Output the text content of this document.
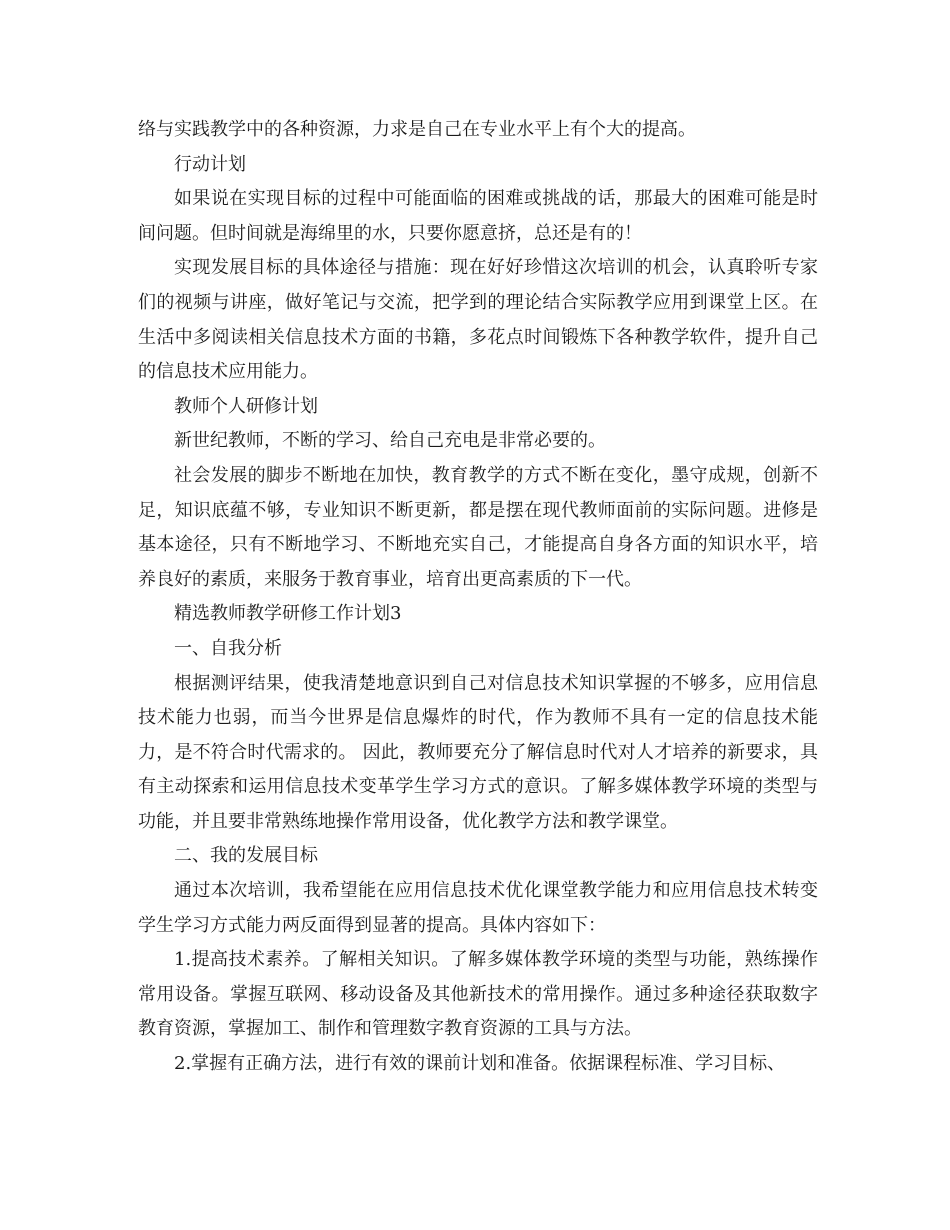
络与实践教学中的各种资源，力求是自己在专业水平上有个大的提高。

行动计划

如果说在实现目标的过程中可能面临的困难或挑战的话，那最大的困难可能是时间问题。但时间就是海绵里的水，只要你愿意挤，总还是有的！

实现发展目标的具体途径与措施：现在好好珍惜这次培训的机会，认真聆听专家们的视频与讲座，做好笔记与交流，把学到的理论结合实际教学应用到课堂上区。在生活中多阅读相关信息技术方面的书籍，多花点时间锻炼下各种教学软件，提升自己的信息技术应用能力。

教师个人研修计划

新世纪教师，不断的学习、给自己充电是非常必要的。

社会发展的脚步不断地在加快，教育教学的方式不断在变化，墨守成规，创新不足，知识底蕴不够，专业知识不断更新，都是摆在现代教师面前的实际问题。进修是基本途径，只有不断地学习、不断地充实自己，才能提高自身各方面的知识水平，培养良好的素质，来服务于教育事业，培育出更高素质的下一代。

精选教师教学研修工作计划3

一、自我分析

根据测评结果，使我清楚地意识到自己对信息技术知识掌握的不够多，应用信息技术能力也弱，而当今世界是信息爆炸的时代，作为教师不具有一定的信息技术能力，是不符合时代需求的。 因此，教师要充分了解信息时代对人才培养的新要求，具有主动探索和运用信息技术变革学生学习方式的意识。了解多媒体教学环境的类型与功能，并且要非常熟练地操作常用设备，优化教学方法和教学课堂。

二、我的发展目标

通过本次培训，我希望能在应用信息技术优化课堂教学能力和应用信息技术转变学生学习方式能力两反面得到显著的提高。具体内容如下：

1.提高技术素养。了解相关知识。了解多媒体教学环境的类型与功能，熟练操作常用设备。掌握互联网、移动设备及其他新技术的常用操作。通过多种途径获取数字教育资源，掌握加工、制作和管理数字教育资源的工具与方法。

2.掌握有正确方法，进行有效的课前计划和准备。依据课程标准、学习目标、
